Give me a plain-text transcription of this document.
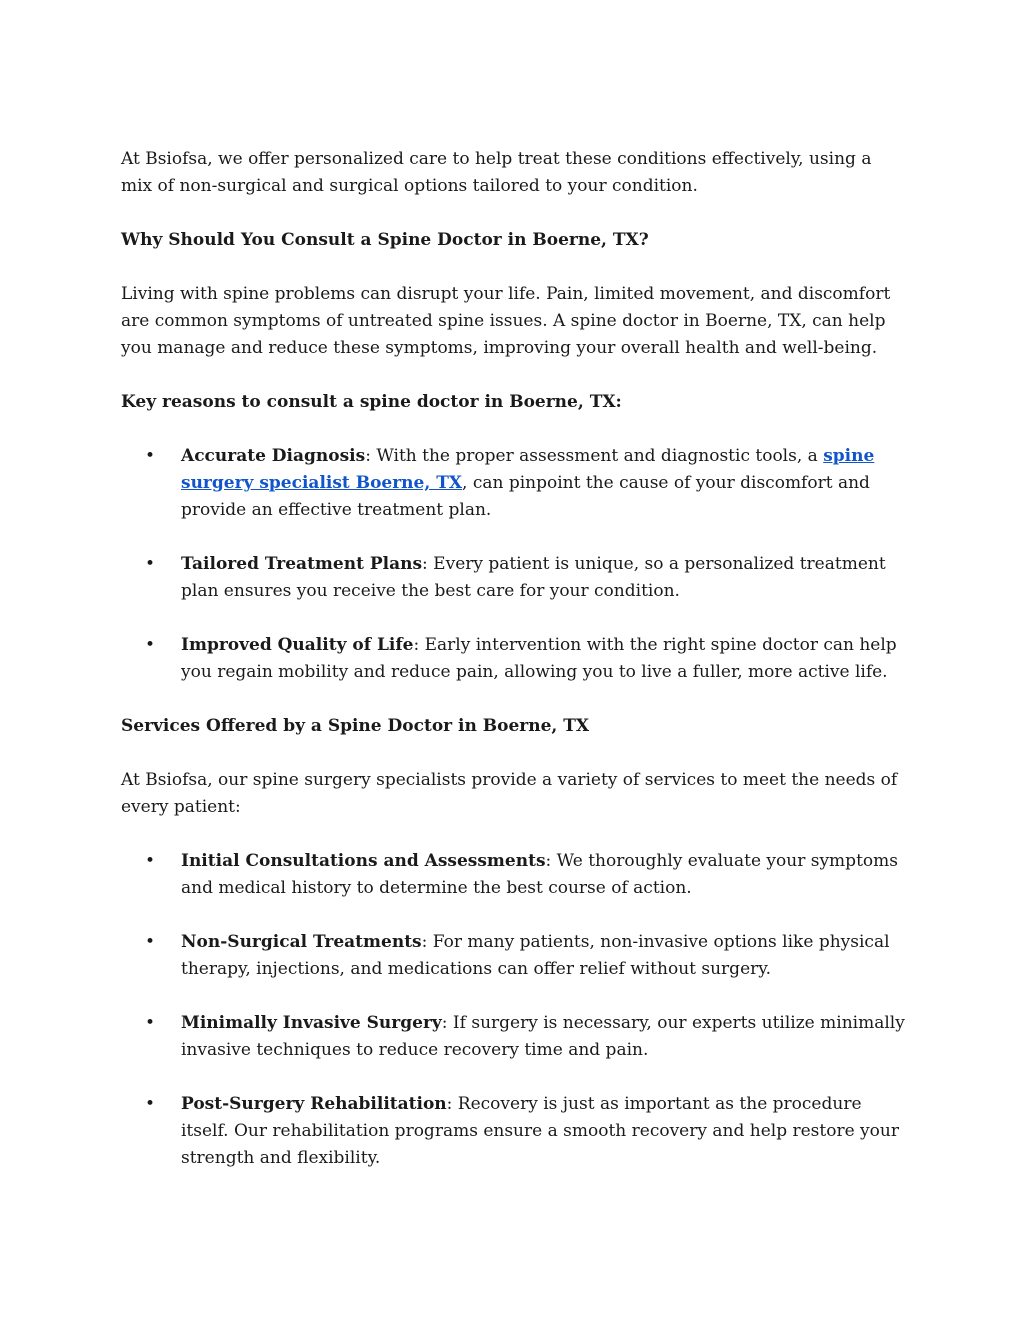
At Bsiofsa, we offer personalized care to help treat these conditions effectively, using a mix of non-surgical and surgical options tailored to your condition.

Why Should You Consult a Spine Doctor in Boerne, TX?

Living with spine problems can disrupt your life. Pain, limited movement, and discomfort are common symptoms of untreated spine issues. A spine doctor in Boerne, TX, can help you manage and reduce these symptoms, improving your overall health and well-being.

Key reasons to consult a spine doctor in Boerne, TX:

• Accurate Diagnosis: With the proper assessment and diagnostic tools, a spine surgery specialist Boerne, TX, can pinpoint the cause of your discomfort and provide an effective treatment plan.
• Tailored Treatment Plans: Every patient is unique, so a personalized treatment plan ensures you receive the best care for your condition.
• Improved Quality of Life: Early intervention with the right spine doctor can help you regain mobility and reduce pain, allowing you to live a fuller, more active life.

Services Offered by a Spine Doctor in Boerne, TX

At Bsiofsa, our spine surgery specialists provide a variety of services to meet the needs of every patient:

• Initial Consultations and Assessments: We thoroughly evaluate your symptoms and medical history to determine the best course of action.
• Non-Surgical Treatments: For many patients, non-invasive options like physical therapy, injections, and medications can offer relief without surgery.
• Minimally Invasive Surgery: If surgery is necessary, our experts utilize minimally invasive techniques to reduce recovery time and pain.
• Post-Surgery Rehabilitation: Recovery is just as important as the procedure itself. Our rehabilitation programs ensure a smooth recovery and help restore your strength and flexibility.
